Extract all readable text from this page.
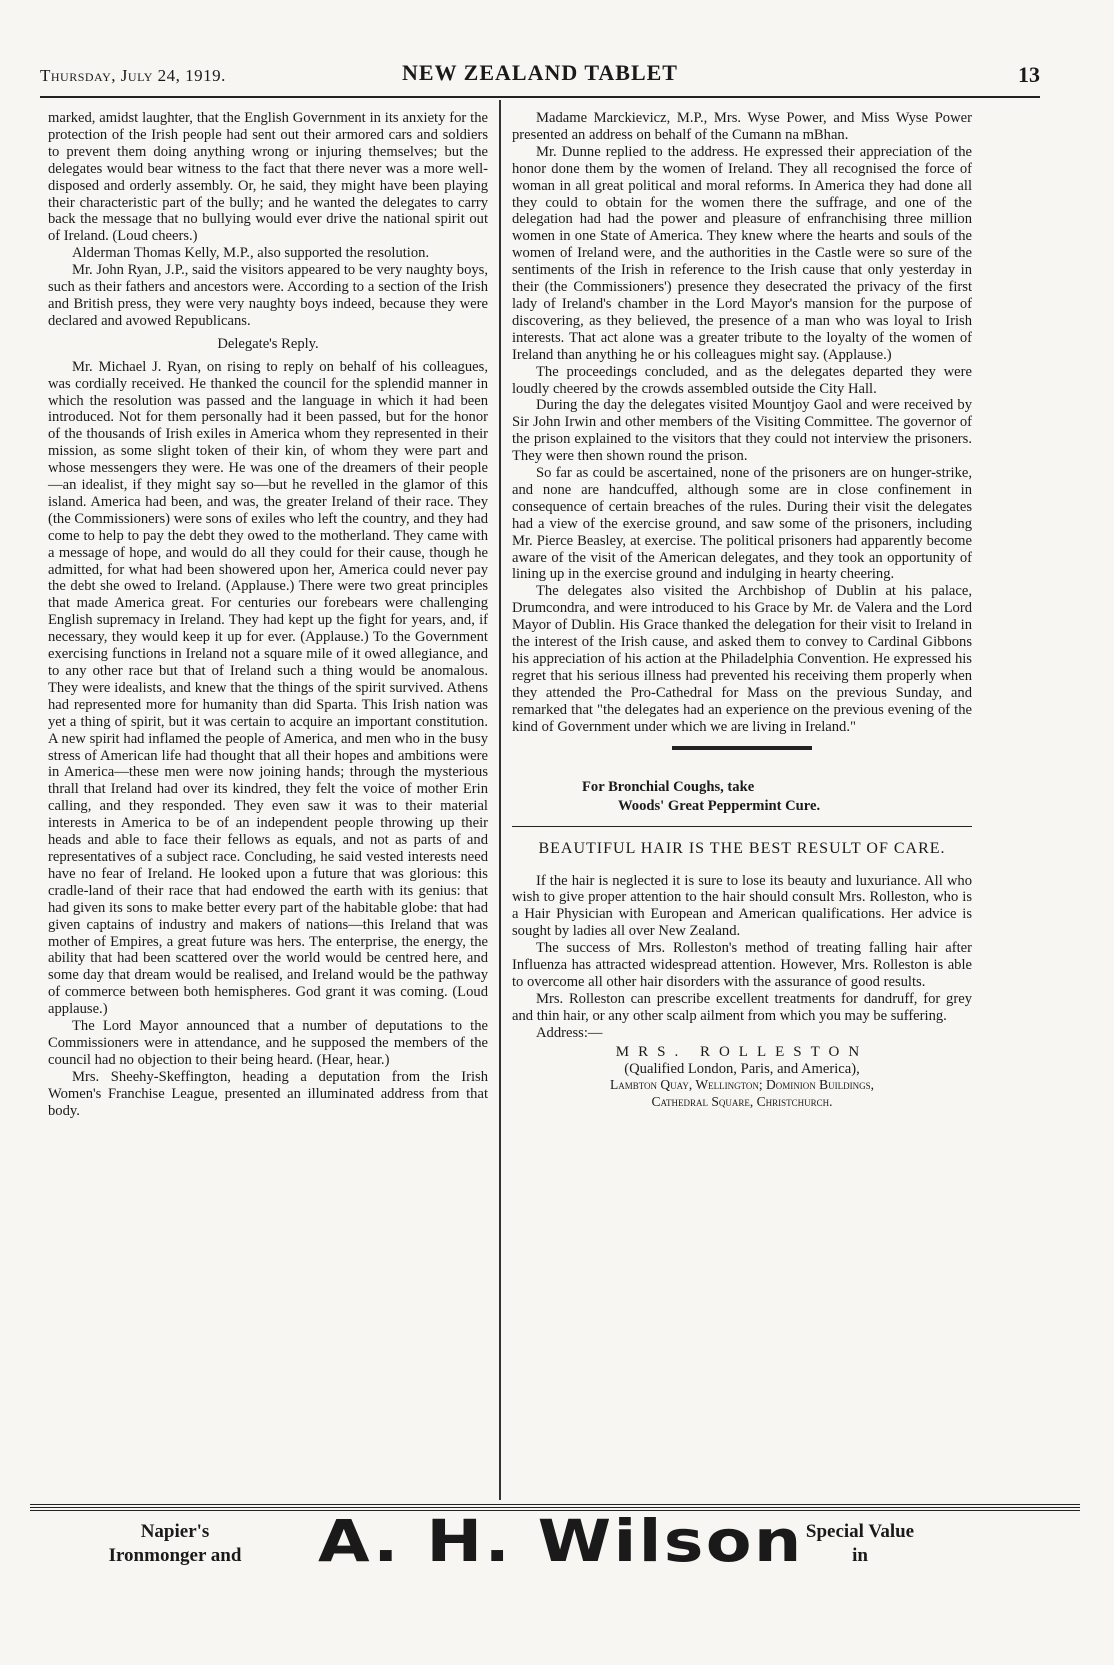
Thursday, July 24, 1919.	NEW ZEALAND TABLET	13

marked, amidst laughter, that the English Government in its anxiety for the protection of the Irish people had sent out their armored cars and soldiers to prevent them doing anything wrong or injuring themselves; but the delegates would bear witness to the fact that there never was a more well-disposed and orderly assembly. Or, he said, they might have been playing their characteristic part of the bully; and he wanted the delegates to carry back the message that no bullying would ever drive the national spirit out of Ireland. (Loud cheers.)

Alderman Thomas Kelly, M.P., also supported the resolution.

Mr. John Ryan, J.P., said the visitors appeared to be very naughty boys, such as their fathers and ancestors were. According to a section of the Irish and British press, they were very naughty boys indeed, because they were declared and avowed Republicans.

Delegate's Reply.

Mr. Michael J. Ryan, on rising to reply on behalf of his colleagues, was cordially received. He thanked the council for the splendid manner in which the resolution was passed and the language in which it had been introduced. Not for them personally had it been passed, but for the honor of the thousands of Irish exiles in America whom they represented in their mission, as some slight token of their kin, of whom they were part and whose messengers they were. He was one of the dreamers of their people—an idealist, if they might say so—but he revelled in the glamor of this island. America had been, and was, the greater Ireland of their race. They (the Commissioners) were sons of exiles who left the country, and they had come to help to pay the debt they owed to the motherland. They came with a message of hope, and would do all they could for their cause, though he admitted, for what had been showered upon her, America could never pay the debt she owed to Ireland. (Applause.) There were two great principles that made America great. For centuries our forebears were challenging English supremacy in Ireland. They had kept up the fight for years, and, if necessary, they would keep it up for ever. (Applause.) To the Government exercising functions in Ireland not a square mile of it owed allegiance, and to any other race but that of Ireland such a thing would be anomalous. They were idealists, and knew that the things of the spirit survived. Athens had represented more for humanity than did Sparta. This Irish nation was yet a thing of spirit, but it was certain to acquire an important constitution. A new spirit had inflamed the people of America, and men who in the busy stress of American life had thought that all their hopes and ambitions were in America—these men were now joining hands; through the mysterious thrall that Ireland had over its kindred, they felt the voice of mother Erin calling, and they responded. They even saw it was to their material interests in America to be of an independent people throwing up their heads and able to face their fellows as equals, and not as parts of and representatives of a subject race. Concluding, he said vested interests need have no fear of Ireland. He looked upon a future that was glorious: this cradle-land of their race that had endowed the earth with its genius: that had given its sons to make better every part of the habitable globe: that had given captains of industry and makers of nations—this Ireland that was mother of Empires, a great future was hers. The enterprise, the energy, the ability that had been scattered over the world would be centred here, and some day that dream would be realised, and Ireland would be the pathway of commerce between both hemispheres. God grant it was coming. (Loud applause.)

The Lord Mayor announced that a number of deputations to the Commissioners were in attendance, and he supposed the members of the council had no objection to their being heard. (Hear, hear.)

Mrs. Sheehy-Skeffington, heading a deputation from the Irish Women's Franchise League, presented an illuminated address from that body.

Madame Marckievicz, M.P., Mrs. Wyse Power, and Miss Wyse Power presented an address on behalf of the Cumann na mBhan.

Mr. Dunne replied to the address. He expressed their appreciation of the honor done them by the women of Ireland. They all recognised the force of woman in all great political and moral reforms. In America they had done all they could to obtain for the women there the suffrage, and one of the delegation had had the power and pleasure of enfranchising three million women in one State of America. They knew where the hearts and souls of the women of Ireland were, and the authorities in the Castle were so sure of the sentiments of the Irish in reference to the Irish cause that only yesterday in their (the Commissioners') presence they desecrated the privacy of the first lady of Ireland's chamber in the Lord Mayor's mansion for the purpose of discovering, as they believed, the presence of a man who was loyal to Irish interests. That act alone was a greater tribute to the loyalty of the women of Ireland than anything he or his colleagues might say. (Applause.)

The proceedings concluded, and as the delegates departed they were loudly cheered by the crowds assembled outside the City Hall.

During the day the delegates visited Mountjoy Gaol and were received by Sir John Irwin and other members of the Visiting Committee. The governor of the prison explained to the visitors that they could not interview the prisoners. They were then shown round the prison.

So far as could be ascertained, none of the prisoners are on hunger-strike, and none are handcuffed, although some are in close confinement in consequence of certain breaches of the rules. During their visit the delegates had a view of the exercise ground, and saw some of the prisoners, including Mr. Pierce Beasley, at exercise. The political prisoners had apparently become aware of the visit of the American delegates, and they took an opportunity of lining up in the exercise ground and indulging in hearty cheering.

The delegates also visited the Archbishop of Dublin at his palace, Drumcondra, and were introduced to his Grace by Mr. de Valera and the Lord Mayor of Dublin. His Grace thanked the delegation for their visit to Ireland in the interest of the Irish cause, and asked them to convey to Cardinal Gibbons his appreciation of his action at the Philadelphia Convention. He expressed his regret that his serious illness had prevented his receiving them properly when they attended the Pro-Cathedral for Mass on the previous Sunday, and remarked that "the delegates had an experience on the previous evening of the kind of Government under which we are living in Ireland."

For Bronchial Coughs, take
Woods' Great Peppermint Cure.
BEAUTIFUL HAIR IS THE BEST RESULT OF CARE.

If the hair is neglected it is sure to lose its beauty and luxuriance. All who wish to give proper attention to the hair should consult Mrs. Rolleston, who is a Hair Physician with European and American qualifications. Her advice is sought by ladies all over New Zealand.

The success of Mrs. Rolleston's method of treating falling hair after Influenza has attracted widespread attention. However, Mrs. Rolleston is able to overcome all other hair disorders with the assurance of good results.

Mrs. Rolleston can prescribe excellent treatments for dandruff, for grey and thin hair, or any other scalp ailment from which you may be suffering.

Address:—

MRS. ROLLESTON
(Qualified London, Paris, and America),
Lambton Quay, Wellington; Dominion Buildings,
Cathedral Square, Christchurch.
Napier's
Ironmonger and	A. H. Wilson Special Value
in
